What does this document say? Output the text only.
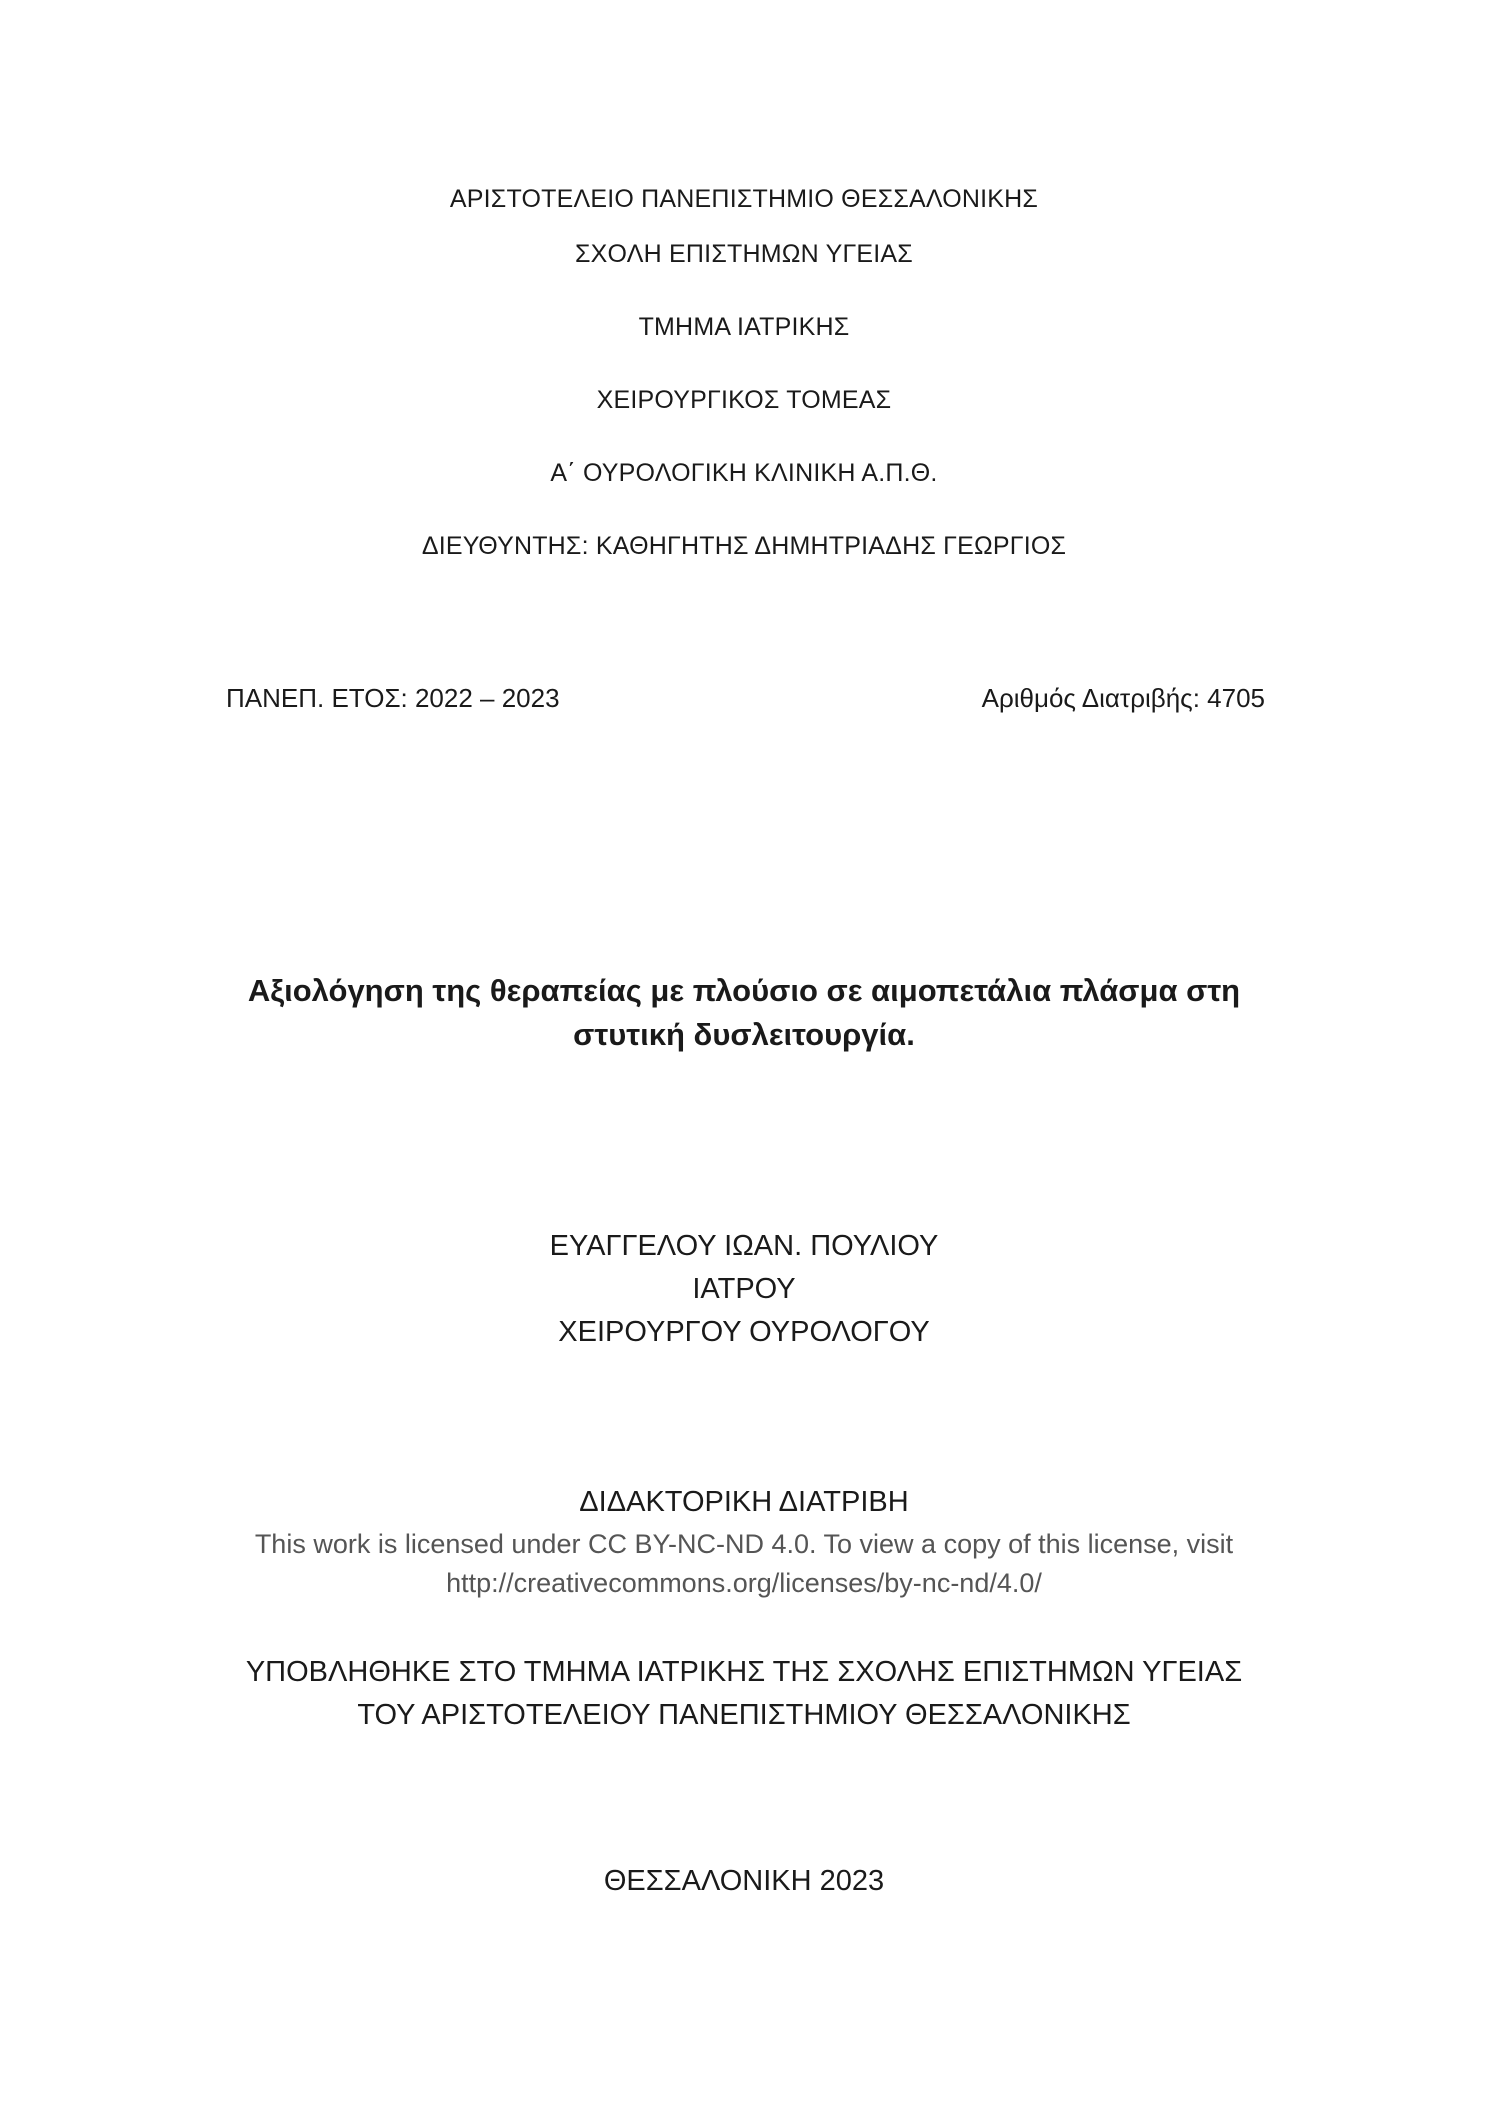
ΑΡΙΣΤΟΤΕΛΕΙΟ ΠΑΝΕΠΙΣΤΗΜΙΟ ΘΕΣΣΑΛΟΝΙΚΗΣ
ΣΧΟΛΗ ΕΠΙΣΤΗΜΩΝ ΥΓΕΙΑΣ
ΤΜΗΜΑ ΙΑΤΡΙΚΗΣ
ΧΕΙΡΟΥΡΓΙΚΟΣ ΤΟΜΕΑΣ
Α΄ ΟΥΡΟΛΟΓΙΚΗ ΚΛΙΝΙΚΗ Α.Π.Θ.
ΔΙΕΥΘΥΝΤΗΣ: ΚΑΘΗΓΗΤΗΣ ΔΗΜΗΤΡΙΑΔΗΣ ΓΕΩΡΓΙΟΣ
ΠΑΝΕΠ. ΕΤΟΣ: 2022 – 2023	Αριθμός Διατριβής: 4705
Αξιολόγηση της θεραπείας με πλούσιο σε αιμοπετάλια πλάσμα στη
στυτική δυσλειτουργία.
ΕΥΑΓΓΕΛΟΥ ΙΩΑΝ. ΠΟΥΛΙΟΥ
ΙΑΤΡΟΥ
ΧΕΙΡΟΥΡΓΟΥ ΟΥΡΟΛΟΓΟΥ
ΔΙΔΑΚΤΟΡΙΚΗ ΔΙΑΤΡΙΒΗ
This work is licensed under CC BY-NC-ND 4.0. To view a copy of this license, visit
http://creativecommons.org/licenses/by-nc-nd/4.0/
ΥΠΟΒΛΗΘΗΚΕ ΣΤΟ ΤΜΗΜΑ ΙΑΤΡΙΚΗΣ ΤΗΣ ΣΧΟΛΗΣ ΕΠΙΣΤΗΜΩΝ ΥΓΕΙΑΣ
ΤΟΥ ΑΡΙΣΤΟΤΕΛΕΙΟΥ ΠΑΝΕΠΙΣΤΗΜΙΟΥ ΘΕΣΣΑΛΟΝΙΚΗΣ
ΘΕΣΣΑΛΟΝΙΚΗ 2023
